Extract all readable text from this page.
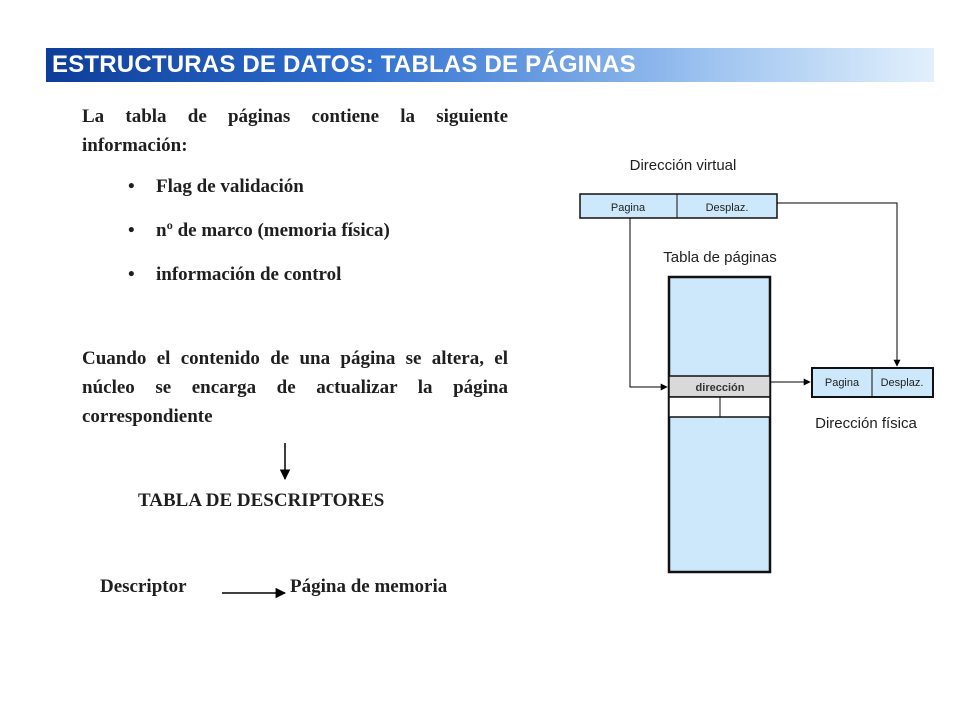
ESTRUCTURAS DE DATOS: TABLAS DE PÁGINAS
La tabla de páginas contiene la siguiente información:
• Flag de validación
• nº de marco (memoria física)
• información de control
Cuando el contenido de una página se altera, el núcleo se encarga de actualizar la página correspondiente
TABLA DE DESCRIPTORES
Descriptor	Página de memoria
Dirección virtual
Pagina	Desplaz.
Tabla de páginas
dirección	Pagina Desplaz.
Dirección física
